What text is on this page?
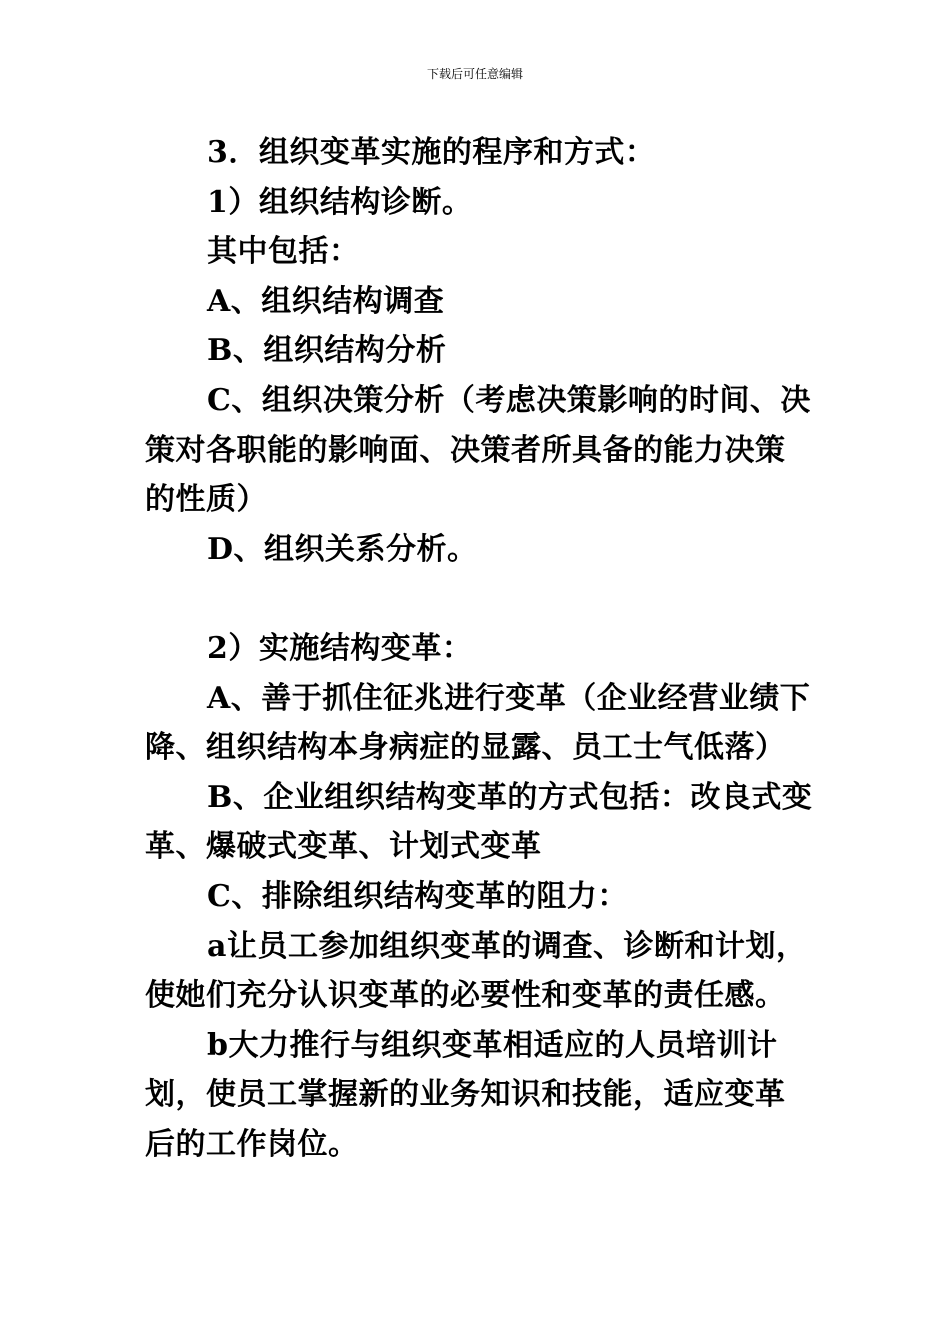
下载后可任意编辑

3．组织变革实施的程序和方式：

1）组织结构诊断。

其中包括：

A、组织结构调查

B、组织结构分析

C、组织决策分析（考虑决策影响的时间、决策对各职能的影响面、决策者所具备的能力决策的性质）

D、组织关系分析。

2）实施结构变革：

A、善于抓住征兆进行变革（企业经营业绩下降、组织结构本身病症的显露、员工士气低落）

B、企业组织结构变革的方式包括：改良式变革、爆破式变革、计划式变革

C、排除组织结构变革的阻力：

a让员工参加组织变革的调查、诊断和计划，使她们充分认识变革的必要性和变革的责任感。

b大力推行与组织变革相适应的人员培训计划，使员工掌握新的业务知识和技能，适应变革后的工作岗位。
